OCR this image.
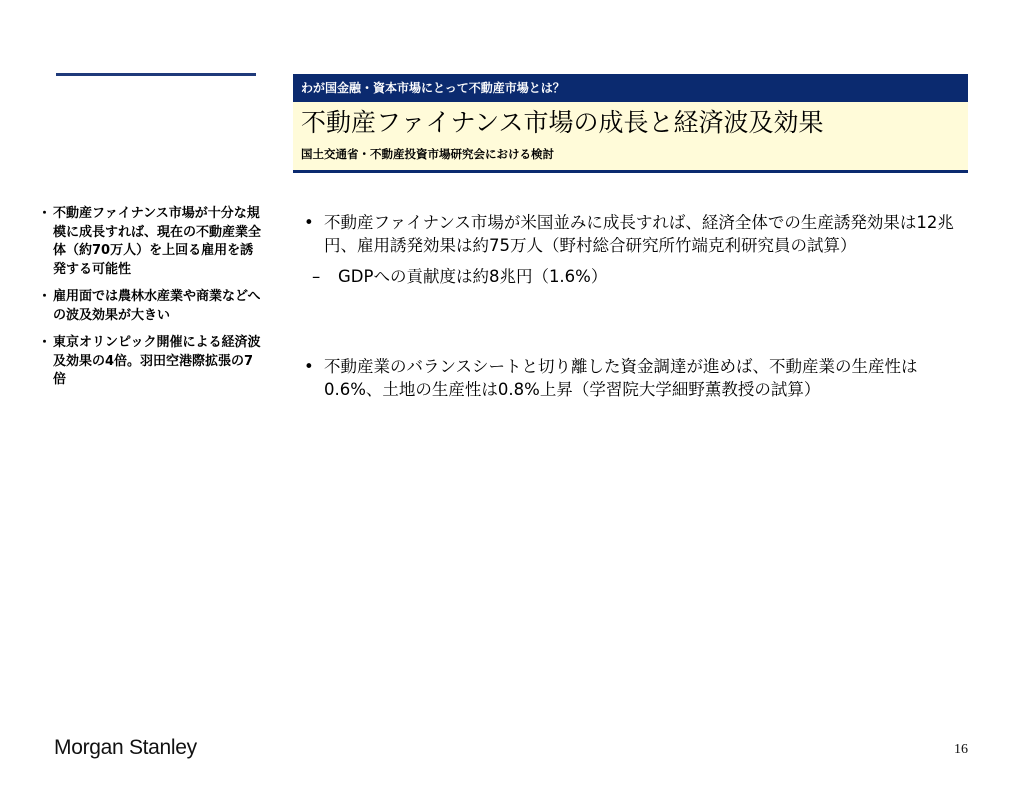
わが国金融・資本市場にとって不動産市場とは？
不動産ファイナンス市場の成長と経済波及効果
国土交通省・不動産投資市場研究会における検討
・ 不動産ファイナンス市場が十分な規模に成長すれば、現在の不動産業全体（約70万人）を上回る雇用を誘発する可能性
・ 雇用面では農林水産業や商業などへの波及効果が大きい
・ 東京オリンピック開催による経済波及効果の4倍。羽田空港際拡張の7倍
• 不動産ファイナンス市場が米国並みに成長すれば、経済全体での生産誘発効果は12兆円、雇用誘発効果は約75万人（野村総合研究所竹端克利研究員の試算）
– GDPへの貢献度は約8兆円（1.6%）
• 不動産業のバランスシートと切り離した資金調達が進めば、不動産業の生産性は0.6%、土地の生産性は0.8%上昇（学習院大学細野薫教授の試算）
Morgan Stanley	16
